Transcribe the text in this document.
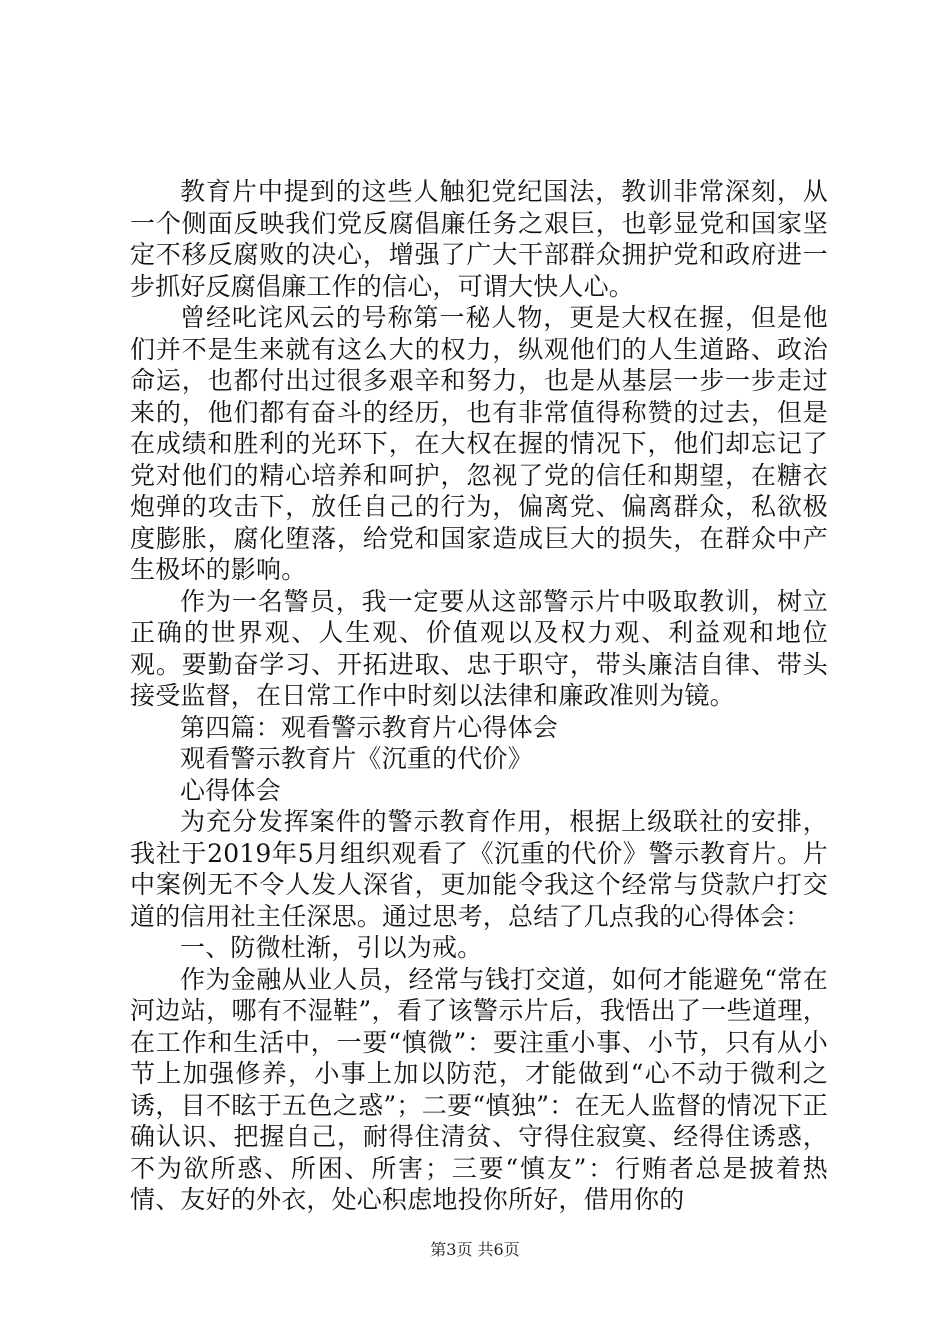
教育片中提到的这些人触犯党纪国法，教训非常深刻，从一个侧面反映我们党反腐倡廉任务之艰巨，也彰显党和国家坚定不移反腐败的决心，增强了广大干部群众拥护党和政府进一步抓好反腐倡廉工作的信心，可谓大快人心。

曾经叱诧风云的号称第一秘人物，更是大权在握，但是他们并不是生来就有这么大的权力，纵观他们的人生道路、政治命运，也都付出过很多艰辛和努力，也是从基层一步一步走过来的，他们都有奋斗的经历，也有非常值得称赞的过去，但是在成绩和胜利的光环下，在大权在握的情况下，他们却忘记了党对他们的精心培养和呵护，忽视了党的信任和期望，在糖衣炮弹的攻击下，放任自己的行为，偏离党、偏离群众，私欲极度膨胀，腐化堕落，给党和国家造成巨大的损失，在群众中产生极坏的影响。

作为一名警员，我一定要从这部警示片中吸取教训，树立正确的世界观、人生观、价值观以及权力观、利益观和地位观。要勤奋学习、开拓进取、忠于职守，带头廉洁自律、带头接受监督，在日常工作中时刻以法律和廉政准则为镜。

第四篇：观看警示教育片心得体会

观看警示教育片《沉重的代价》

心得体会

为充分发挥案件的警示教育作用，根据上级联社的安排，我社于2019年5月组织观看了《沉重的代价》警示教育片。片中案例无不令人发人深省，更加能令我这个经常与贷款户打交道的信用社主任深思。通过思考，总结了几点我的心得体会：

一、防微杜渐，引以为戒。

作为金融从业人员，经常与钱打交道，如何才能避免“常在河边站，哪有不湿鞋”，看了该警示片后，我悟出了一些道理，在工作和生活中，一要“慎微”：要注重小事、小节，只有从小节上加强修养，小事上加以防范，才能做到“心不动于微利之诱，目不眩于五色之惑”；二要“慎独”：在无人监督的情况下正确认识、把握自己，耐得住清贫、守得住寂寞、经得住诱惑，不为欲所惑、所困、所害；三要“慎友”：行贿者总是披着热情、友好的外衣，处心积虑地投你所好，借用你的

第3页 共6页
